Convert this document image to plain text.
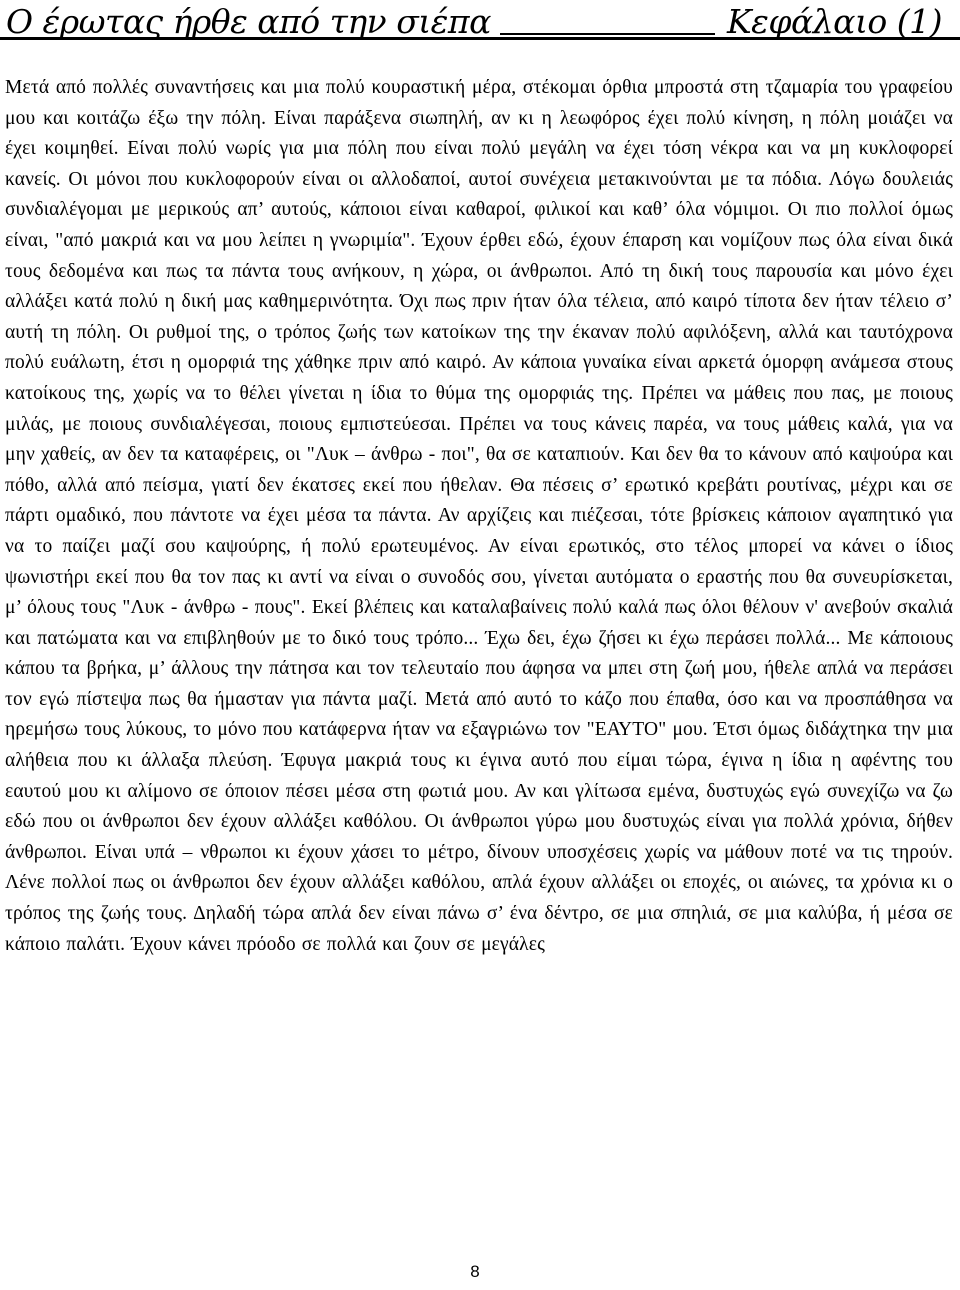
Ο έρωτας ήρθε από την σιέπα	Κεφάλαιο (1)

Μετά από πολλές συναντήσεις και μια πολύ κουραστική μέρα, στέκομαι όρθια μπροστά στη τζαμαρία του γραφείου μου και κοιτάζω έξω την πόλη. Είναι παράξενα σιωπηλή, αν κι η λεωφόρος έχει πολύ κίνηση, η πόλη μοιάζει να έχει κοιμηθεί. Είναι πολύ νωρίς για μια πόλη που είναι πολύ μεγάλη να έχει τόση νέκρα και να μη κυκλοφορεί κανείς. Οι μόνοι που κυκλοφορούν είναι οι αλλοδαποί, αυτοί συνέχεια μετακινούνται με τα πόδια. Λόγω δουλειάς συνδιαλέγομαι με μερικούς απ’ αυτούς, κάποιοι είναι καθαροί, φιλικοί και καθ’ όλα νόμιμοι. Οι πιο πολλοί όμως είναι, "από μακριά και να μου λείπει η γνωριμία". Έχουν έρθει εδώ, έχουν έπαρση και νομίζουν πως όλα είναι δικά τους δεδομένα και πως τα πάντα τους ανήκουν, η χώρα, οι άνθρωποι. Από τη δική τους παρουσία και μόνο έχει αλλάξει κατά πολύ η δική μας καθημερινότητα. Όχι πως πριν ήταν όλα τέλεια, από καιρό τίποτα δεν ήταν τέλειο σ’ αυτή τη πόλη. Οι ρυθμοί της, ο τρόπος ζωής των κατοίκων της την έκαναν πολύ αφιλόξενη, αλλά και ταυτόχρονα πολύ ευάλωτη, έτσι η ομορφιά της χάθηκε πριν από καιρό. Αν κάποια γυναίκα είναι αρκετά όμορφη ανάμεσα στους κατοίκους της, χωρίς να το θέλει γίνεται η ίδια το θύμα της ομορφιάς της. Πρέπει να μάθεις που πας, με ποιους μιλάς, με ποιους συνδιαλέγεσαι, ποιους εμπιστεύεσαι. Πρέπει να τους κάνεις παρέα, να τους μάθεις καλά, για να μην χαθείς, αν δεν τα καταφέρεις, οι "Λυκ – άνθρω - ποι", θα σε καταπιούν. Και δεν θα το κάνουν από καψούρα και πόθο, αλλά από πείσμα, γιατί δεν έκατσες εκεί που ήθελαν. Θα πέσεις σ’ ερωτικό κρεβάτι ρουτίνας, μέχρι και σε πάρτι ομαδικό, που πάντοτε να έχει μέσα τα πάντα. Αν αρχίζεις και πιέζεσαι, τότε βρίσκεις κάποιον αγαπητικό για να το παίζει μαζί σου καψούρης, ή πολύ ερωτευμένος. Αν είναι ερωτικός, στο τέλος μπορεί να κάνει ο ίδιος ψωνιστήρι εκεί που θα τον πας κι αντί να είναι ο συνοδός σου, γίνεται αυτόματα ο εραστής που θα συνευρίσκεται, μ’ όλους τους "Λυκ - άνθρω - πους". Εκεί βλέπεις και καταλαβαίνεις πολύ καλά πως όλοι θέλουν ν' ανεβούν σκαλιά και πατώματα και να επιβληθούν με το δικό τους τρόπο... Έχω δει, έχω ζήσει κι έχω περάσει πολλά... Με κάποιους κάπου τα βρήκα, μ’ άλλους την πάτησα και τον τελευταίο που άφησα να μπει στη ζωή μου, ήθελε απλά να περάσει τον εγώ πίστεψα πως θα ήμασταν για πάντα μαζί. Μετά από αυτό το κάζο που έπαθα, όσο και να προσπάθησα να ηρεμήσω τους λύκους, το μόνο που κατάφερνα ήταν να εξαγριώνω τον "ΕΑΥΤΟ" μου. Έτσι όμως διδάχτηκα την μια αλήθεια που κι άλλαξα πλεύση. Έφυγα μακριά τους κι έγινα αυτό που είμαι τώρα, έγινα η ίδια η αφέντης του εαυτού μου κι αλίμονο σε όποιον πέσει μέσα στη φωτιά μου. Αν και γλίτωσα εμένα, δυστυχώς εγώ συνεχίζω να ζω εδώ που οι άνθρωποι δεν έχουν αλλάξει καθόλου. Οι άνθρωποι γύρω μου δυστυχώς είναι για πολλά χρόνια, δήθεν άνθρωποι. Είναι υπά – νθρωποι κι έχουν χάσει το μέτρο, δίνουν υποσχέσεις χωρίς να μάθουν ποτέ να τις τηρούν. Λένε πολλοί πως οι άνθρωποι δεν έχουν αλλάξει καθόλου, απλά έχουν αλλάξει οι εποχές, οι αιώνες, τα χρόνια κι ο τρόπος της ζωής τους. Δηλαδή τώρα απλά δεν είναι πάνω σ’ ένα δέντρο, σε μια σπηλιά, σε μια καλύβα, ή μέσα σε κάποιο παλάτι. Έχουν κάνει πρόοδο σε πολλά και ζουν σε μεγάλες

8
